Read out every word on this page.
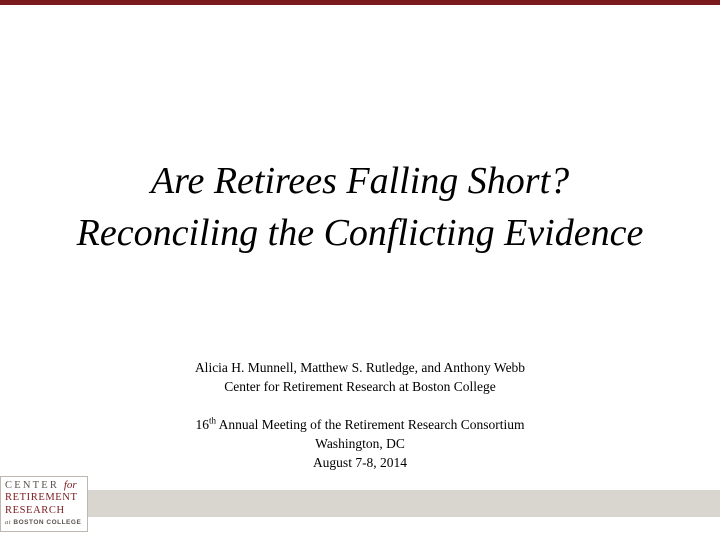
Are Retirees Falling Short?
Reconciling the Conflicting Evidence
Alicia H. Munnell, Matthew S. Rutledge, and Anthony Webb
Center for Retirement Research at Boston College
16th Annual Meeting of the Retirement Research Consortium
Washington, DC
August 7-8, 2014
CENTER for
RETIREMENT
RESEARCH
at BOSTON COLLEGE
